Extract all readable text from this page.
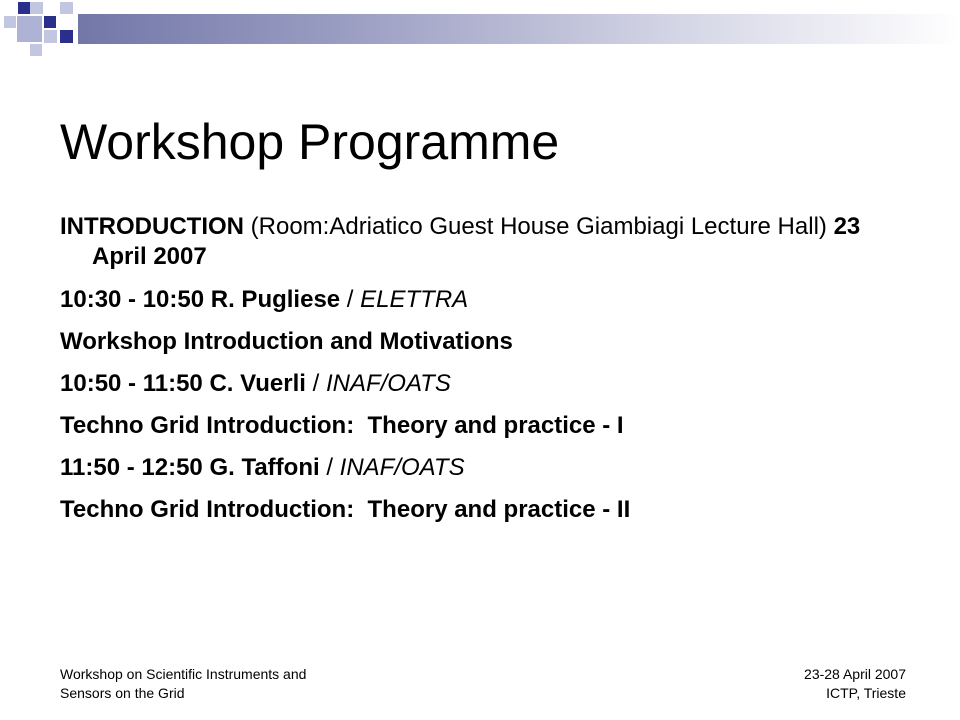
Workshop Programme

INTRODUCTION (Room:Adriatico Guest House Giambiagi Lecture Hall) 23 April 2007

10:30 - 10:50 R. Pugliese / ELETTRA

Workshop Introduction and Motivations

10:50 - 11:50 C. Vuerli / INAF/OATS

Techno Grid Introduction:  Theory and practice - I

11:50 - 12:50 G. Taffoni / INAF/OATS

Techno Grid Introduction:  Theory and practice - II

Workshop on Scientific Instruments and
Sensors on the Grid
23-28 April 2007
ICTP, Trieste
